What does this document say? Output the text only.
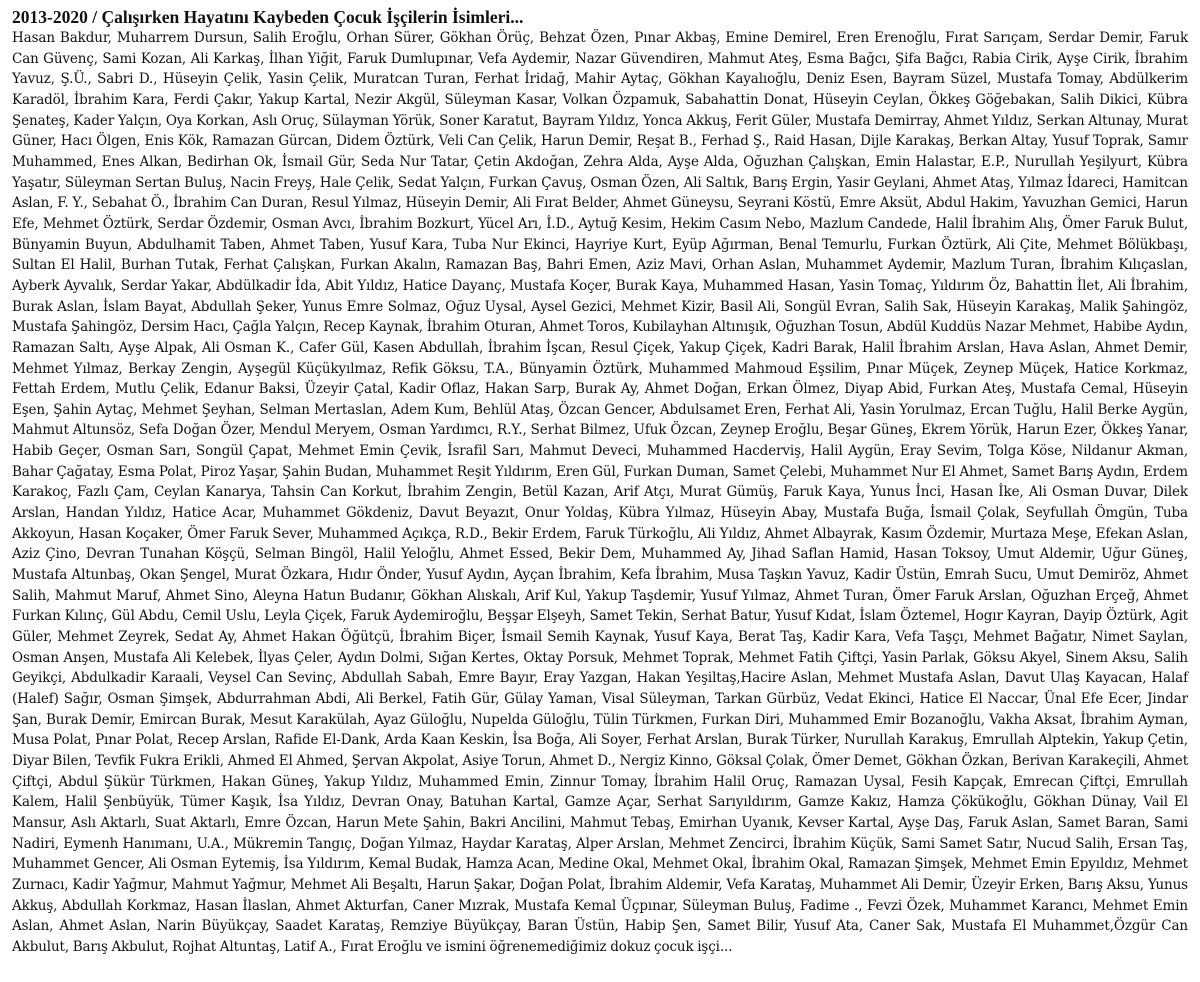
2013-2020 / Çalışırken Hayatını Kaybeden Çocuk İşçilerin İsimleri...

Hasan Bakdur, Muharrem Dursun, Salih Eroğlu, Orhan Sürer, Gökhan Örüç, Behzat Özen, Pınar Akbaş, Emine Demirel, Eren Erenoğlu, Fırat Sarıçam, Serdar Demir, Faruk Can Güvenç, Sami Kozan, Ali Karkaş, İlhan Yiğit, Faruk Dumlupınar, Vefa Aydemir, Nazar Güvendiren, Mahmut Ateş, Esma Bağcı, Şifa Bağcı, Rabia Cirik, Ayşe Cirik, İbrahim Yavuz, Ş.Ü., Sabri D., Hüseyin Çelik, Yasin Çelik, Muratcan Turan, Ferhat İridağ, Mahir Aytaç, Gökhan Kayalıoğlu, Deniz Esen, Bayram Süzel, Mustafa Tomay, Abdülkerim Karadöl, İbrahim Kara, Ferdi Çakır, Yakup Kartal, Nezir Akgül, Süleyman Kasar, Volkan Özpamuk, Sabahattin Donat, Hüseyin Ceylan, Ökkeş Göğebakan, Salih Dikici, Kübra Şenateş, Kader Yalçın, Oya Korkan, Aslı Oruç, Sülayman Yörük, Soner Karatut, Bayram Yıldız, Yonca Akkuş, Ferit Güler, Mustafa Demirray, Ahmet Yıldız, Serkan Altunay, Murat Güner, Hacı Ölgen, Enis Kök, Ramazan Gürcan, Didem Öztürk, Veli Can Çelik, Harun Demir, Reşat B., Ferhad Ş., Raid Hasan, Dijle Karakaş, Berkan Altay, Yusuf Toprak, Samır Muhammed, Enes Alkan, Bedirhan Ok, İsmail Gür, Seda Nur Tatar, Çetin Akdoğan, Zehra Alda, Ayşe Alda, Oğuzhan Çalışkan, Emin Halastar, E.P., Nurullah Yeşilyurt, Kübra Yaşatır, Süleyman Sertan Buluş, Nacin Freyş, Hale Çelik, Sedat Yalçın, Furkan Çavuş, Osman Özen, Ali Saltık, Barış Ergin, Yasir Geylani, Ahmet Ataş, Yılmaz İdareci, Hamitcan Aslan, F. Y., Sebahat Ö., İbrahim Can Duran, Resul Yılmaz, Hüseyin Demir, Ali Fırat Belder, Ahmet Güneysu, Seyrani Köstü, Emre Aksüt, Abdul Hakim, Yavuzhan Gemici, Harun Efe, Mehmet Öztürk, Serdar Özdemir, Osman Avcı, İbrahim Bozkurt, Yücel Arı, İ.D., Aytuğ Kesim, Hekim Casım Nebo, Mazlum Candede, Halil İbrahim Alış, Ömer Faruk Bulut, Bünyamin Buyun, Abdulhamit Taben, Ahmet Taben, Yusuf Kara, Tuba Nur Ekinci, Hayriye Kurt, Eyüp Ağırman, Benal Temurlu, Furkan Öztürk, Ali Çite, Mehmet Bölükbaşı, Sultan El Halil, Burhan Tutak, Ferhat Çalışkan, Furkan Akalın, Ramazan Baş, Bahri Emen, Aziz Mavi, Orhan Aslan, Muhammet Aydemir, Mazlum Turan, İbrahim Kılıçaslan, Ayberk Ayvalık, Serdar Yakar, Abdülkadir İda, Abit Yıldız, Hatice Dayanç, Mustafa Koçer, Burak Kaya, Muhammed Hasan, Yasin Tomaç, Yıldırım Öz, Bahattin İlet, Ali İbrahim, Burak Aslan, İslam Bayat, Abdullah Şeker, Yunus Emre Solmaz, Oğuz Uysal, Aysel Gezici, Mehmet Kizir, Basil Ali, Songül Evran, Salih Sak, Hüseyin Karakaş, Malik Şahingöz, Mustafa Şahingöz, Dersim Hacı, Çağla Yalçın, Recep Kaynak, İbrahim Oturan, Ahmet Toros, Kubilayhan Altınışık, Oğuzhan Tosun, Abdül Kuddüs Nazar Mehmet, Habibe Aydın, Ramazan Saltı, Ayşe Alpak, Ali Osman K., Cafer Gül, Kasen Abdullah, İbrahim İşcan, Resul Çiçek, Yakup Çiçek, Kadri Barak, Halil İbrahim Arslan, Hava Aslan, Ahmet Demir, Mehmet Yılmaz, Berkay Zengin, Ayşegül Küçükyılmaz, Refik Göksu, T.A., Bünyamin Öztürk, Muhammed Mahmoud Eşsilim, Pınar Müçek, Zeynep Müçek, Hatice Korkmaz, Fettah Erdem, Mutlu Çelik, Edanur Baksi, Üzeyir Çatal, Kadir Oflaz, Hakan Sarp, Burak Ay, Ahmet Doğan, Erkan Ölmez, Diyap Abid, Furkan Ateş, Mustafa Cemal, Hüseyin Eşen, Şahin Aytaç, Mehmet Şeyhan, Selman Mertaslan, Adem Kum, Behlül Ataş, Özcan Gencer, Abdulsamet Eren, Ferhat Ali, Yasin Yorulmaz, Ercan Tuğlu, Halil Berke Aygün, Mahmut Altunsöz, Sefa Doğan Özer, Mendul Meryem, Osman Yardımcı, R.Y., Serhat Bilmez, Ufuk Özcan, Zeynep Eroğlu, Beşar Güneş, Ekrem Yörük, Harun Ezer, Ökkeş Yanar, Habib Geçer, Osman Sarı, Songül Çapat, Mehmet Emin Çevik, İsrafil Sarı, Mahmut Deveci, Muhammed Hacderviş, Halil Aygün, Eray Sevim, Tolga Köse, Nildanur Akman, Bahar Çağatay, Esma Polat, Piroz Yaşar, Şahin Budan, Muhammet Reşit Yıldırım, Eren Gül, Furkan Duman, Samet Çelebi, Muhammet Nur El Ahmet, Samet Barış Aydın, Erdem Karakoç, Fazlı Çam, Ceylan Kanarya, Tahsin Can Korkut, İbrahim Zengin, Betül Kazan, Arif Atçı, Murat Gümüş, Faruk Kaya, Yunus İnci, Hasan İke, Ali Osman Duvar, Dilek Arslan, Handan Yıldız, Hatice Acar, Muhammet Gökdeniz, Davut Beyazıt, Onur Yoldaş, Kübra Yılmaz, Hüseyin Abay, Mustafa Buğa, İsmail Çolak, Seyfullah Ömgün, Tuba Akkoyun, Hasan Koçaker, Ömer Faruk Sever, Muhammed Açıkça, R.D., Bekir Erdem, Faruk Türkoğlu, Ali Yıldız, Ahmet Albayrak, Kasım Özdemir, Murtaza Meşe, Efekan Aslan, Aziz Çino, Devran Tunahan Köşçü, Selman Bingöl, Halil Yeloğlu, Ahmet Essed, Bekir Dem, Muhammed Ay, Jihad Saflan Hamid, Hasan Toksoy, Umut Aldemir, Uğur Güneş, Mustafa Altunbaş, Okan Şengel, Murat Özkara, Hıdır Önder, Yusuf Aydın, Ayçan İbrahim, Kefa İbrahim, Musa Taşkın Yavuz, Kadir Üstün, Emrah Sucu, Umut Demiröz, Ahmet Salih, Mahmut Maruf, Ahmet Sino, Aleyna Hatun Budanır, Gökhan Alıskalı, Arif Kul, Yakup Taşdemir, Yusuf Yılmaz, Ahmet Turan, Ömer Faruk Arslan, Oğuzhan Erçeğ, Ahmet Furkan Kılınç, Gül Abdu, Cemil Uslu, Leyla Çiçek, Faruk Aydemiroğlu, Beşşar Elşeyh, Samet Tekin, Serhat Batur, Yusuf Kıdat, İslam Öztemel, Hogır Kayran, Dayip Öztürk, Agit Güler, Mehmet Zeyrek, Sedat Ay, Ahmet Hakan Öğütçü, İbrahim Biçer, İsmail Semih Kaynak, Yusuf Kaya, Berat Taş, Kadir Kara, Vefa Taşçı, Mehmet Bağatır, Nimet Saylan, Osman Anşen, Mustafa Ali Kelebek, İlyas Çeler, Aydın Dolmi, Sığan Kertes, Oktay Porsuk, Mehmet Toprak, Mehmet Fatih Çiftçi, Yasin Parlak, Göksu Akyel, Sinem Aksu, Salih Geyikçi, Abdulkadir Karaali, Veysel Can Sevinç, Abdullah Sabah, Emre Bayır, Eray Yazgan, Hakan Yeşiltaş,Hacire Aslan, Mehmet Mustafa Aslan, Davut Ulaş Kayacan, Halaf (Halef) Sağır, Osman Şimşek, Abdurrahman Abdi, Ali Berkel, Fatih Gür, Gülay Yaman, Visal Süleyman, Tarkan Gürbüz, Vedat Ekinci, Hatice El Naccar, Ünal Efe Ecer, Jindar Şan, Burak Demir, Emircan Burak, Mesut Karakülah, Ayaz Güloğlu, Nupelda Güloğlu, Tülin Türkmen, Furkan Diri, Muhammed Emir Bozanoğlu, Vakha Aksat, İbrahim Ayman, Musa Polat, Pınar Polat, Recep Arslan, Rafide El-Dank, Arda Kaan Keskin, İsa Boğa, Ali Soyer, Ferhat Arslan, Burak Türker, Nurullah Karakuş, Emrullah Alptekin, Yakup Çetin, Diyar Bilen, Tevfik Fukra Erikli, Ahmed El Ahmed, Şervan Akpolat, Asiye Torun, Ahmet D., Nergiz Kinno, Göksal Çolak, Ömer Demet, Gökhan Özkan, Berivan Karakeçili, Ahmet Çiftçi, Abdul Şükür Türkmen, Hakan Güneş, Yakup Yıldız, Muhammed Emin, Zinnur Tomay, İbrahim Halil Oruç, Ramazan Uysal, Fesih Kapçak, Emrecan Çiftçi, Emrullah Kalem, Halil Şenbüyük, Tümer Kaşık, İsa Yıldız, Devran Onay, Batuhan Kartal, Gamze Açar, Serhat Sarıyıldırım, Gamze Kakız, Hamza Çökükoğlu, Gökhan Dünay, Vail El Mansur, Aslı Aktarlı, Suat Aktarlı, Emre Özcan, Harun Mete Şahin, Bakri Ancilini, Mahmut Tebaş, Emirhan Uyanık, Kevser Kartal, Ayşe Daş, Faruk Aslan, Samet Baran, Sami Nadiri, Eymenh Hanımanı, U.A., Mükremin Tangıç, Doğan Yılmaz, Haydar Karataş, Alper Arslan, Mehmet Zencirci, İbrahim Küçük, Sami Samet Satır, Nucud Salih, Ersan Taş, Muhammet Gencer, Ali Osman Eytemiş, İsa Yıldırım, Kemal Budak, Hamza Acan, Medine Okal, Mehmet Okal, İbrahim Okal, Ramazan Şimşek, Mehmet Emin Epyıldız, Mehmet Zurnacı, Kadir Yağmur, Mahmut Yağmur, Mehmet Ali Beşaltı, Harun Şakar, Doğan Polat, İbrahim Aldemir, Vefa Karataş, Muhammet Ali Demir, Üzeyir Erken, Barış Aksu, Yunus Akkuş, Abdullah Korkmaz, Hasan İlaslan, Ahmet Akturfan, Caner Mızrak, Mustafa Kemal Üçpınar, Süleyman Buluş, Fadime ., Fevzi Özek, Muhammet Karancı, Mehmet Emin Aslan, Ahmet Aslan, Narin Büyükçay, Saadet Karataş, Remziye Büyükçay, Baran Üstün, Habip Şen, Samet Bilir, Yusuf Ata, Caner Sak, Mustafa El Muhammet,Özgür Can Akbulut, Barış Akbulut, Rojhat Altuntaş, Latif A., Fırat Eroğlu ve ismini öğrenemediğimiz dokuz çocuk işçi...
